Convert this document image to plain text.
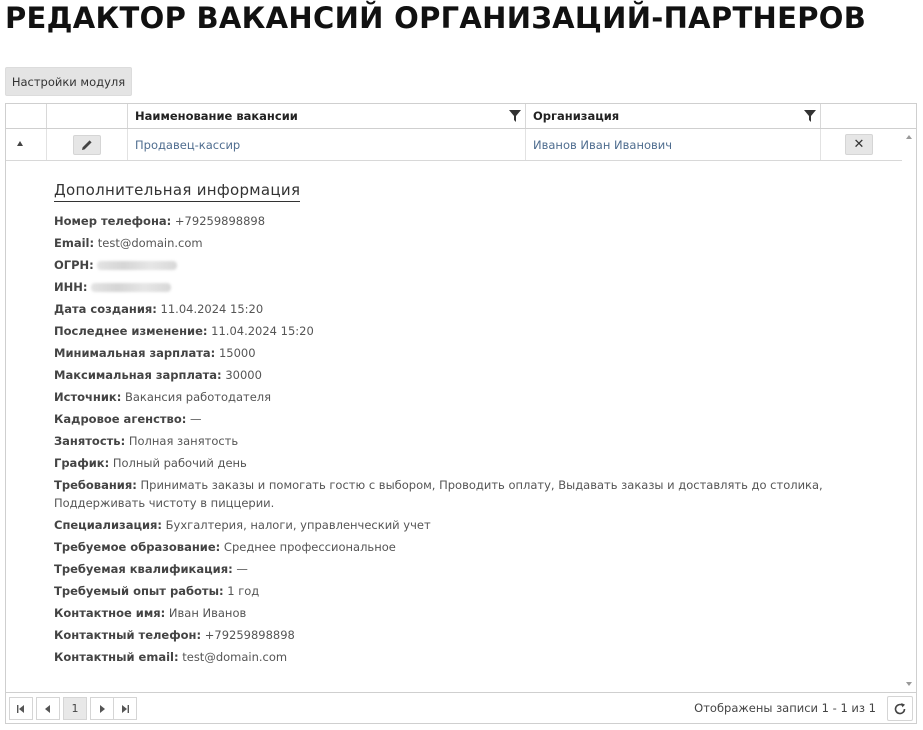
РЕДАКТОР ВАКАНСИЙ ОРГАНИЗАЦИЙ-ПАРТНЕРОВ
Настройки модуля
Наименование вакансии	Организация
Продавец-кассир	Иванов Иван Иванович	✕
Дополнительная информация
Номер телефона: +79259898898
Email: test@domain.com
ОГРН:
ИНН:
Дата создания: 11.04.2024 15:20
Последнее изменение: 11.04.2024 15:20
Минимальная зарплата: 15000
Максимальная зарплата: 30000
Источник: Вакансия работодателя
Кадровое агенство: —
Занятость: Полная занятость
График: Полный рабочий день
Требования: Принимать заказы и помогать гостю с выбором, Проводить оплату, Выдавать заказы и доставлять до столика, Поддерживать чистоту в пиццерии.
Специализация: Бухгалтерия, налоги, управленческий учет
Требуемое образование: Среднее профессиональное
Требуемая квалификация: —
Требуемый опыт работы: 1 год
Контактное имя: Иван Иванов
Контактный телефон: +79259898898
Контактный email: test@domain.com
1	Отображены записи 1 - 1 из 1
